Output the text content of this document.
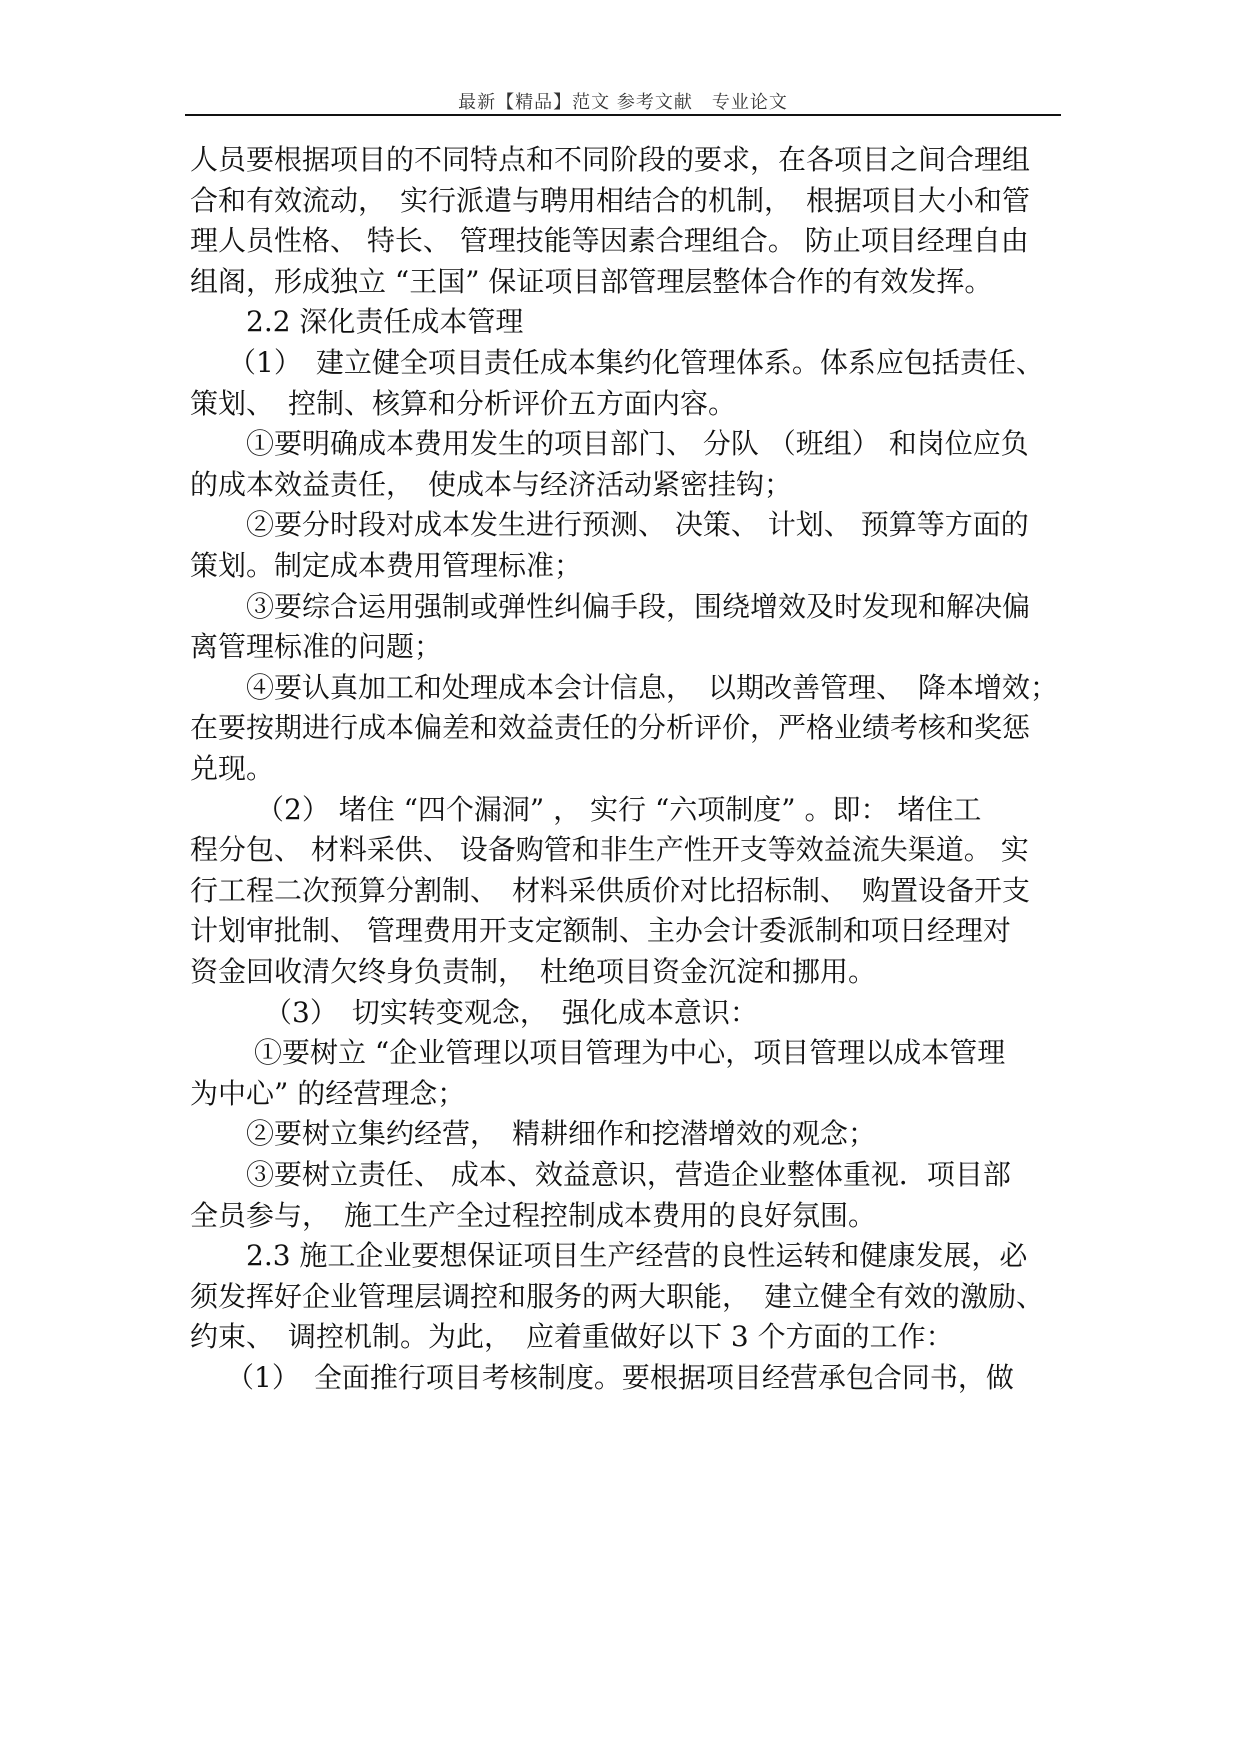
最新【精品】范文 参考文献　专业论文
人员要根据项目的不同特点和不同阶段的要求，在各项目之间合理组
合和有效流动，　实行派遣与聘用相结合的机制，　根据项目大小和管
理人员性格、 特长、 管理技能等因素合理组合。 防止项目经理自由
组阁，形成独立 “王国” 保证项目部管理层整体合作的有效发挥。
2.2 深化责任成本管理
（1）　建立健全项目责任成本集约化管理体系。体系应包括责任、
策划、　控制、核算和分析评价五方面内容。
①要明确成本费用发生的项目部门、 分队 （班组） 和岗位应负
的成本效益责任，　使成本与经济活动紧密挂钩；
②要分时段对成本发生进行预测、 决策、 计划、 预算等方面的
策划。制定成本费用管理标准；
③要综合运用强制或弹性纠偏手段，围绕增效及时发现和解决偏
离管理标准的问题；
④要认真加工和处理成本会计信息，　以期改善管理、　降本增效；
在要按期进行成本偏差和效益责任的分析评价，严格业绩考核和奖惩
兑现。
（2） 堵住 “四个漏洞” ， 实行 “六项制度” 。即： 堵住工
程分包、 材料采供、 设备购管和非生产性开支等效益流失渠道。 实
行工程二次预算分割制、　材料采供质价对比招标制、　购置设备开支
计划审批制、 管理费用开支定额制、主办会计委派制和项日经理对
资金回收清欠终身负责制，　杜绝项目资金沉淀和挪用。
（3）　切实转变观念，　强化成本意识：
①要树立 “企业管理以项目管理为中心，项目管理以成本管理
为中心” 的经营理念；
②要树立集约经营，　精耕细作和挖潜增效的观念；
③要树立责任、 成本、效益意识，营造企业整体重视．项目部
全员参与，　施工生产全过程控制成本费用的良好氛围。
2.3 施工企业要想保证项目生产经营的良性运转和健康发展，必
须发挥好企业管理层调控和服务的两大职能，　建立健全有效的激励、
约束、　调控机制。为此，　应着重做好以下 3 个方面的工作：
（1）　全面推行项目考核制度。要根据项目经营承包合同书，做
